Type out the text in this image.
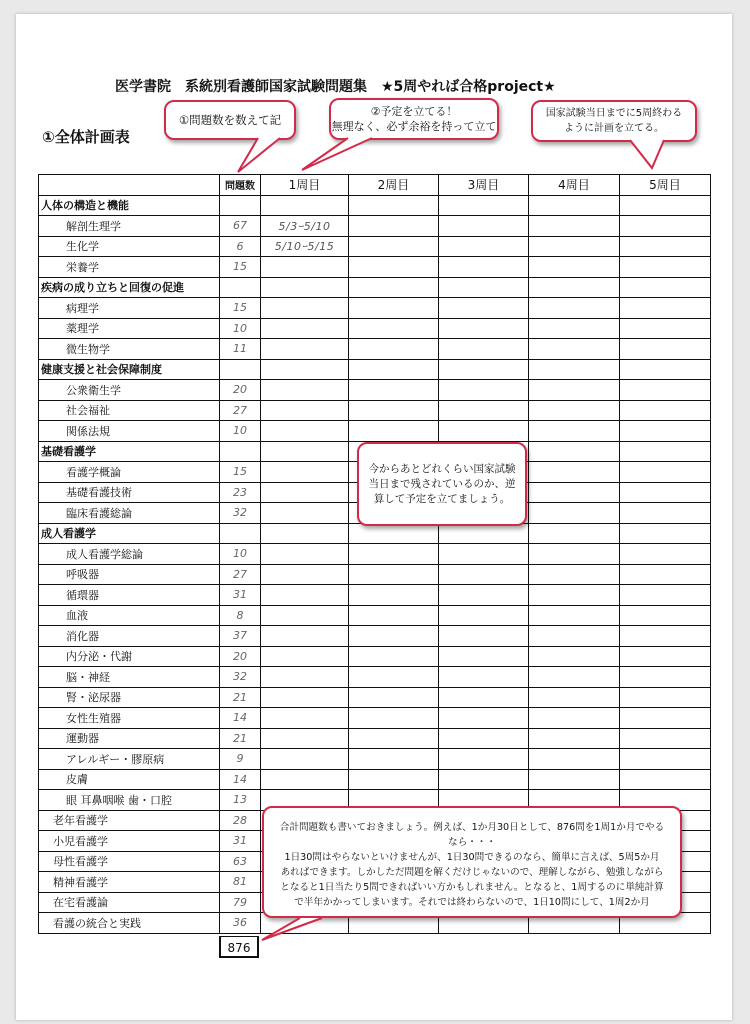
医学書院　系統別看護師国家試験問題集　★5周やれば合格project★
①全体計画表
①問題数を数えて記
②予定を立てる！
無理なく、必ず余裕を持って立て
国家試験当日までに5周終わる
ように計画を立てる。
	問題数	1周目	2周目	3周目	4周目	5周目
人体の構造と機能						
解剖生理学	67	5/3ｰ5/10				
生化学	6	5/10ｰ5/15				
栄養学	15					
疾病の成り立ちと回復の促進						
病理学	15					
薬理学	10					
微生物学	11					
健康支援と社会保障制度						
公衆衛生学	20					
社会福祉	27					
関係法規	10					
基礎看護学						
看護学概論	15					
基礎看護技術	23					
臨床看護総論	32					
成人看護学						
成人看護学総論	10					
呼吸器	27					
循環器	31					
血液	8					
消化器	37					
内分泌・代謝	20					
脳・神経	32					
腎・泌尿器	21					
女性生殖器	14					
運動器	21					
アレルギー・膠原病	9					
皮膚	14					
眼 耳鼻咽喉 歯・口腔	13					
老年看護学	28					
小児看護学	31					
母性看護学	63					
精神看護学	81					
在宅看護論	79					
看護の統合と実践	36					
876
今からあとどれくらい国家試験
当日まで残されているのか、逆
算して予定を立てましょう。
合計問題数も書いておきましょう。例えば、1か月30日として、876問を1周1か月でやる
なら・・・
1日30問はやらないといけませんが、1日30問できるのなら、簡単に言えば、5周5か月
あればできます。しかしただ問題を解くだけじゃないので、理解しながら、勉強しながら
となると1日当たり5問できればいい方かもしれません。となると、1周するのに単純計算
で半年かかってしまいます。それでは終わらないので、1日10問にして、1周2か月
